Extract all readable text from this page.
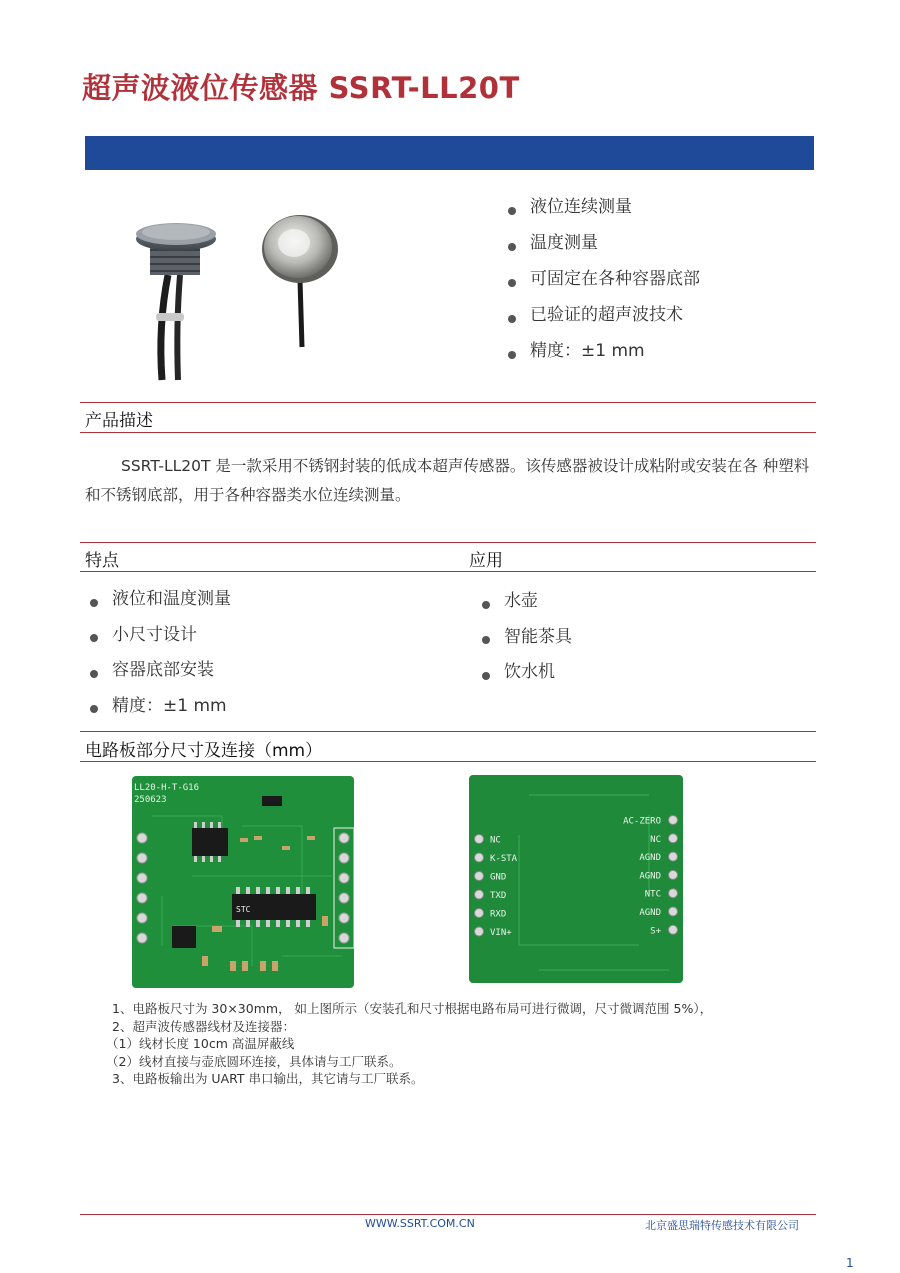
超声波液位传感器 SSRT-LL20T
液位连续测量
温度测量
可固定在各种容器底部
已验证的超声波技术
精度：±1 mm
产品描述
SSRT-LL20T 是一款采用不锈钢封装的低成本超声传感器。该传感器被设计成粘附或安装在各 种塑料和不锈钢底部，用于各种容器类水位连续测量。
特点	应用
液位和温度测量
小尺寸设计
容器底部安装
精度：±1 mm
水壶
智能茶具
饮水机
电路板部分尺寸及连接（mm）
LL20-H-T-G16
250623
STC
NC
K-STA
GND
TXD
RXD
VIN+
AC-ZERO
NC
AGND
AGND
NTC
AGND
S+
1、电路板尺寸为 30×30mm， 如上图所示（安装孔和尺寸根据电路布局可进行微调，尺寸微调范围 5%），
2、超声波传感器线材及连接器：
（1）线材长度 10cm 高温屏蔽线
（2）线材直接与壶底圆环连接，具体请与工厂联系。
3、电路板输出为 UART 串口输出，其它请与工厂联系。
WWW.SSRT.COM.CN	北京盛思瑞特传感技术有限公司
1
